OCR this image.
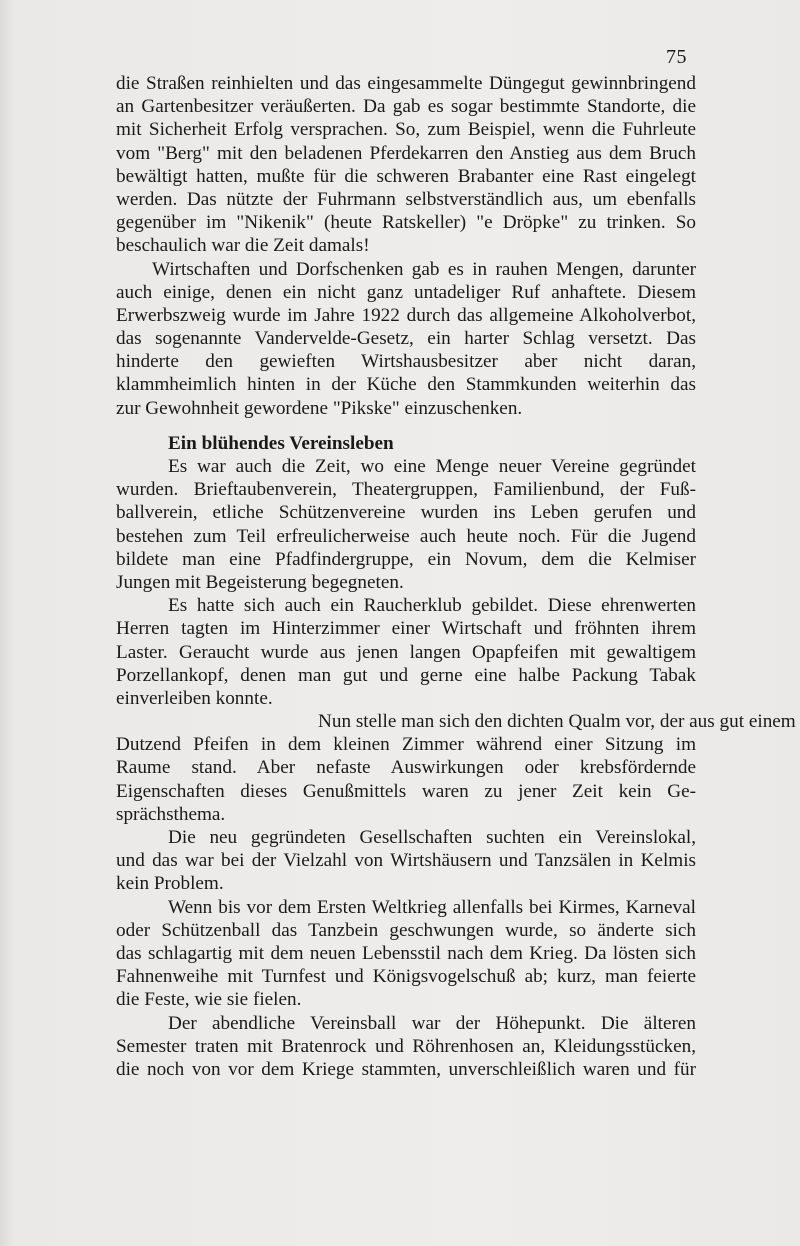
75
die Straßen reinhielten und das eingesammelte Düngegut gewinnbringend
an Gartenbesitzer veräußerten. Da gab es sogar bestimmte Standorte, die
mit Sicherheit Erfolg versprachen. So, zum Beispiel, wenn die Fuhrleute
vom "Berg" mit den beladenen Pferdekarren den Anstieg aus dem Bruch
bewältigt hatten, mußte für die schweren Brabanter eine Rast eingelegt
werden. Das nützte der Fuhrmann selbstverständlich aus, um ebenfalls
gegenüber im "Nikenik" (heute Ratskeller) "e Dröpke" zu trinken. So
beschaulich war die Zeit damals!
Wirtschaften und Dorfschenken gab es in rauhen Mengen, darunter
auch einige, denen ein nicht ganz untadeliger Ruf anhaftete. Diesem
Erwerbszweig wurde im Jahre 1922 durch das allgemeine Alkoholverbot,
das sogenannte Vandervelde-Gesetz, ein harter Schlag versetzt. Das
hinderte den gewieften Wirtshausbesitzer aber nicht daran,
klammheimlich hinten in der Küche den Stammkunden weiterhin das
zur Gewohnheit gewordene "Pikske" einzuschenken.
Ein blühendes Vereinsleben
Es war auch die Zeit, wo eine Menge neuer Vereine gegründet
wurden. Brieftaubenverein, Theatergruppen, Familienbund, der Fuß-
ballverein, etliche Schützenvereine wurden ins Leben gerufen und
bestehen zum Teil erfreulicherweise auch heute noch. Für die Jugend
bildete man eine Pfadfindergruppe, ein Novum, dem die Kelmiser
Jungen mit Begeisterung begegneten.
Es hatte sich auch ein Raucherklub gebildet. Diese ehrenwerten
Herren tagten im Hinterzimmer einer Wirtschaft und fröhnten ihrem
Laster. Geraucht wurde aus jenen langen Opapfeifen mit gewaltigem
Porzellankopf, denen man gut und gerne eine halbe Packung Tabak
einverleiben konnte.
Nun stelle man sich den dichten Qualm vor, der aus gut einem
Dutzend Pfeifen in dem kleinen Zimmer während einer Sitzung im
Raume stand. Aber nefaste Auswirkungen oder krebsfördernde
Eigenschaften dieses Genußmittels waren zu jener Zeit kein Ge-
sprächsthema.
Die neu gegründeten Gesellschaften suchten ein Vereinslokal,
und das war bei der Vielzahl von Wirtshäusern und Tanzsälen in Kelmis
kein Problem.
Wenn bis vor dem Ersten Weltkrieg allenfalls bei Kirmes, Karneval
oder Schützenball das Tanzbein geschwungen wurde, so änderte sich
das schlagartig mit dem neuen Lebensstil nach dem Krieg. Da lösten sich
Fahnenweihe mit Turnfest und Königsvogelschuß ab; kurz, man feierte
die Feste, wie sie fielen.
Der abendliche Vereinsball war der Höhepunkt. Die älteren
Semester traten mit Bratenrock und Röhrenhosen an, Kleidungsstücken,
die noch von vor dem Kriege stammten, unverschleißlich waren und für
